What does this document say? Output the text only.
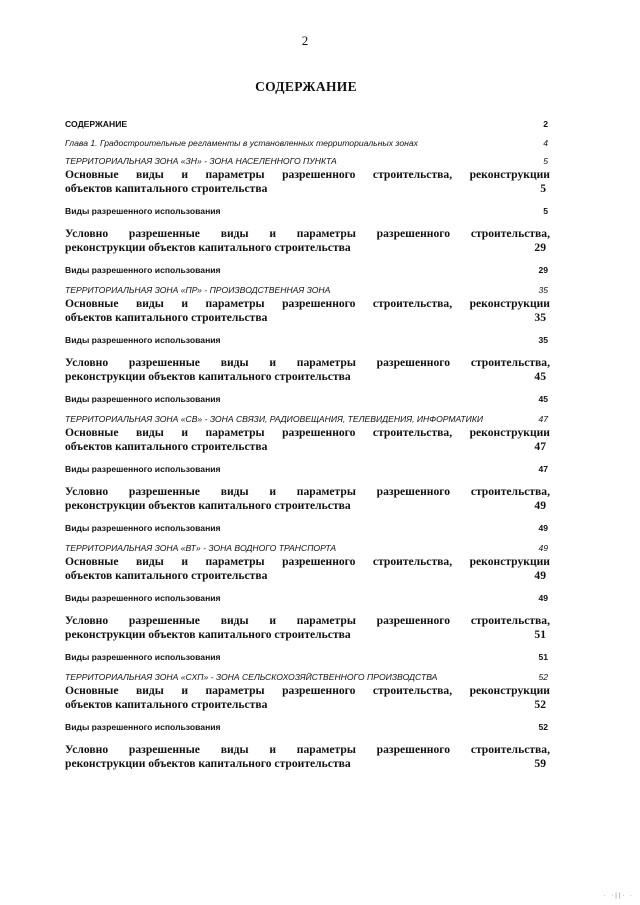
2
СОДЕРЖАНИЕ
СОДЕРЖАНИЕ	2
Глава 1. Градостроительные регламенты в установленных территориальных зонах	4
ТЕРРИТОРИАЛЬНАЯ ЗОНА «ЗН» - ЗОНА НАСЕЛЕННОГО ПУНКТА	5
Основные виды и параметры разрешенного строительства, реконструкции
объектов капитального строительства	5
Виды разрешенного использования	5
Условно разрешенные виды и параметры разрешенного строительства,
реконструкции объектов капитального строительства	29
Виды разрешенного использования	29
ТЕРРИТОРИАЛЬНАЯ ЗОНА «ПР» - ПРОИЗВОДСТВЕННАЯ ЗОНА	35
Основные виды и параметры разрешенного строительства, реконструкции
объектов капитального строительства	35
Виды разрешенного использования	35
Условно разрешенные виды и параметры разрешенного строительства,
реконструкции объектов капитального строительства	45
Виды разрешенного использования	45
ТЕРРИТОРИАЛЬНАЯ ЗОНА «СВ» - ЗОНА СВЯЗИ, РАДИОВЕЩАНИЯ, ТЕЛЕВИДЕНИЯ, ИНФОРМАТИКИ	47
Основные виды и параметры разрешенного строительства, реконструкции
объектов капитального строительства	47
Виды разрешенного использования	47
Условно разрешенные виды и параметры разрешенного строительства,
реконструкции объектов капитального строительства	49
Виды разрешенного использования	49
ТЕРРИТОРИАЛЬНАЯ ЗОНА «ВТ» - ЗОНА ВОДНОГО ТРАНСПОРТА	49
Основные виды и параметры разрешенного строительства, реконструкции
объектов капитального строительства	49
Виды разрешенного использования	49
Условно разрешенные виды и параметры разрешенного строительства,
реконструкции объектов капитального строительства	51
Виды разрешенного использования	51
ТЕРРИТОРИАЛЬНАЯ ЗОНА «СХП» - ЗОНА СЕЛЬСКОХОЗЯЙСТВЕННОГО ПРОИЗВОДСТВА	52
Основные виды и параметры разрешенного строительства, реконструкции
объектов капитального строительства	52
Виды разрешенного использования	52
Условно разрешенные виды и параметры разрешенного строительства,
реконструкции объектов капитального строительства	59
· ·||· ·
